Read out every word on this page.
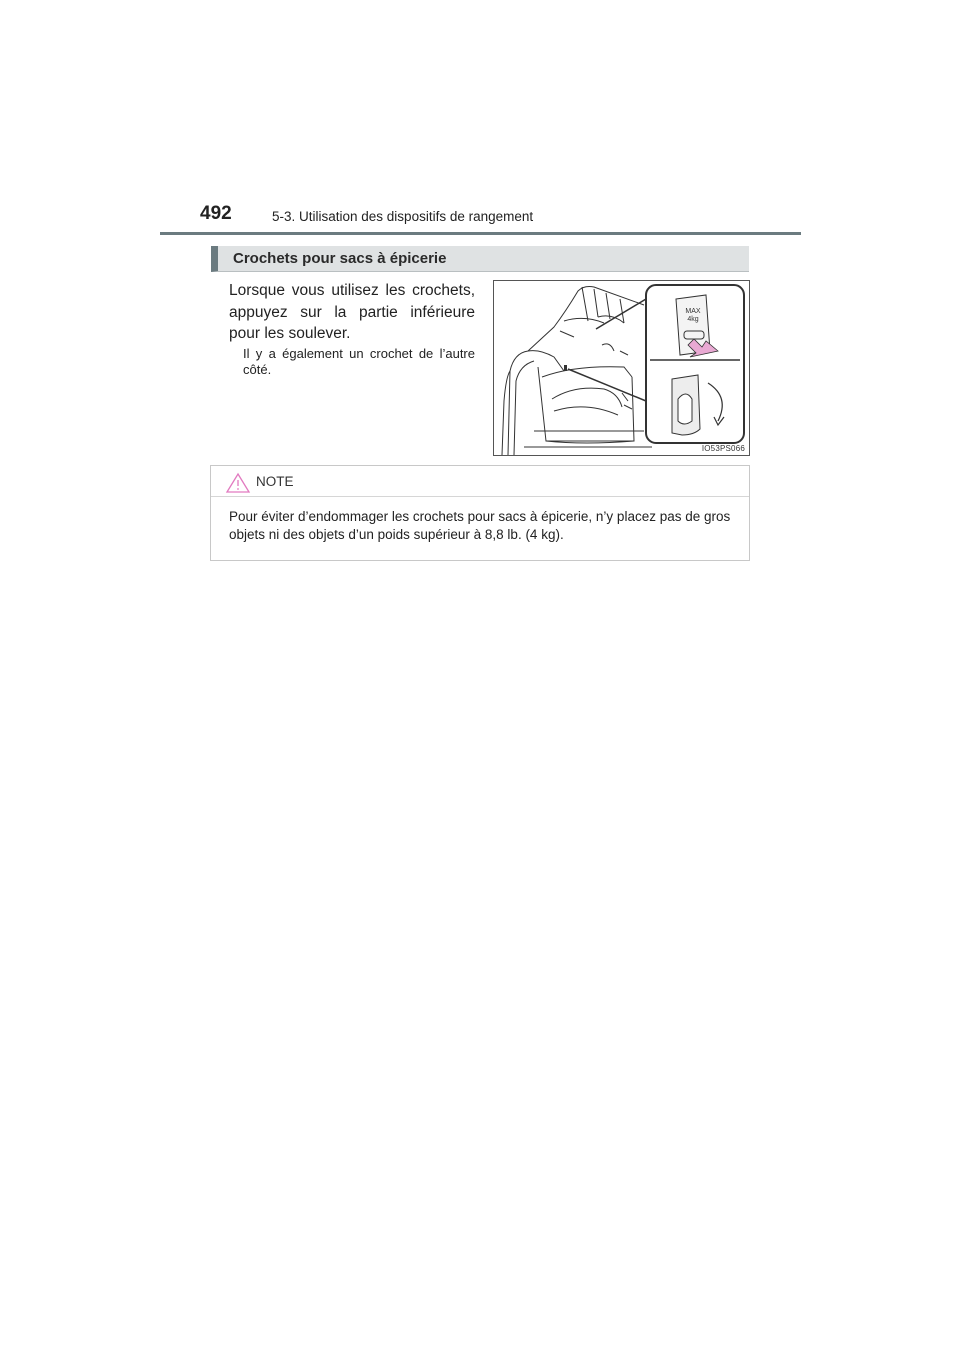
492	5-3. Utilisation des dispositifs de rangement
Crochets pour sacs à épicerie
Lorsque vous utilisez les crochets, appuyez sur la partie inférieure pour les soulever.
Il y a également un crochet de l’autre côté.
MAX
4kg
IO53PS066
NOTE
Pour éviter d’endommager les crochets pour sacs à épicerie, n’y placez pas de gros objets ni des objets d’un poids supérieur à 8,8 lb. (4 kg).
